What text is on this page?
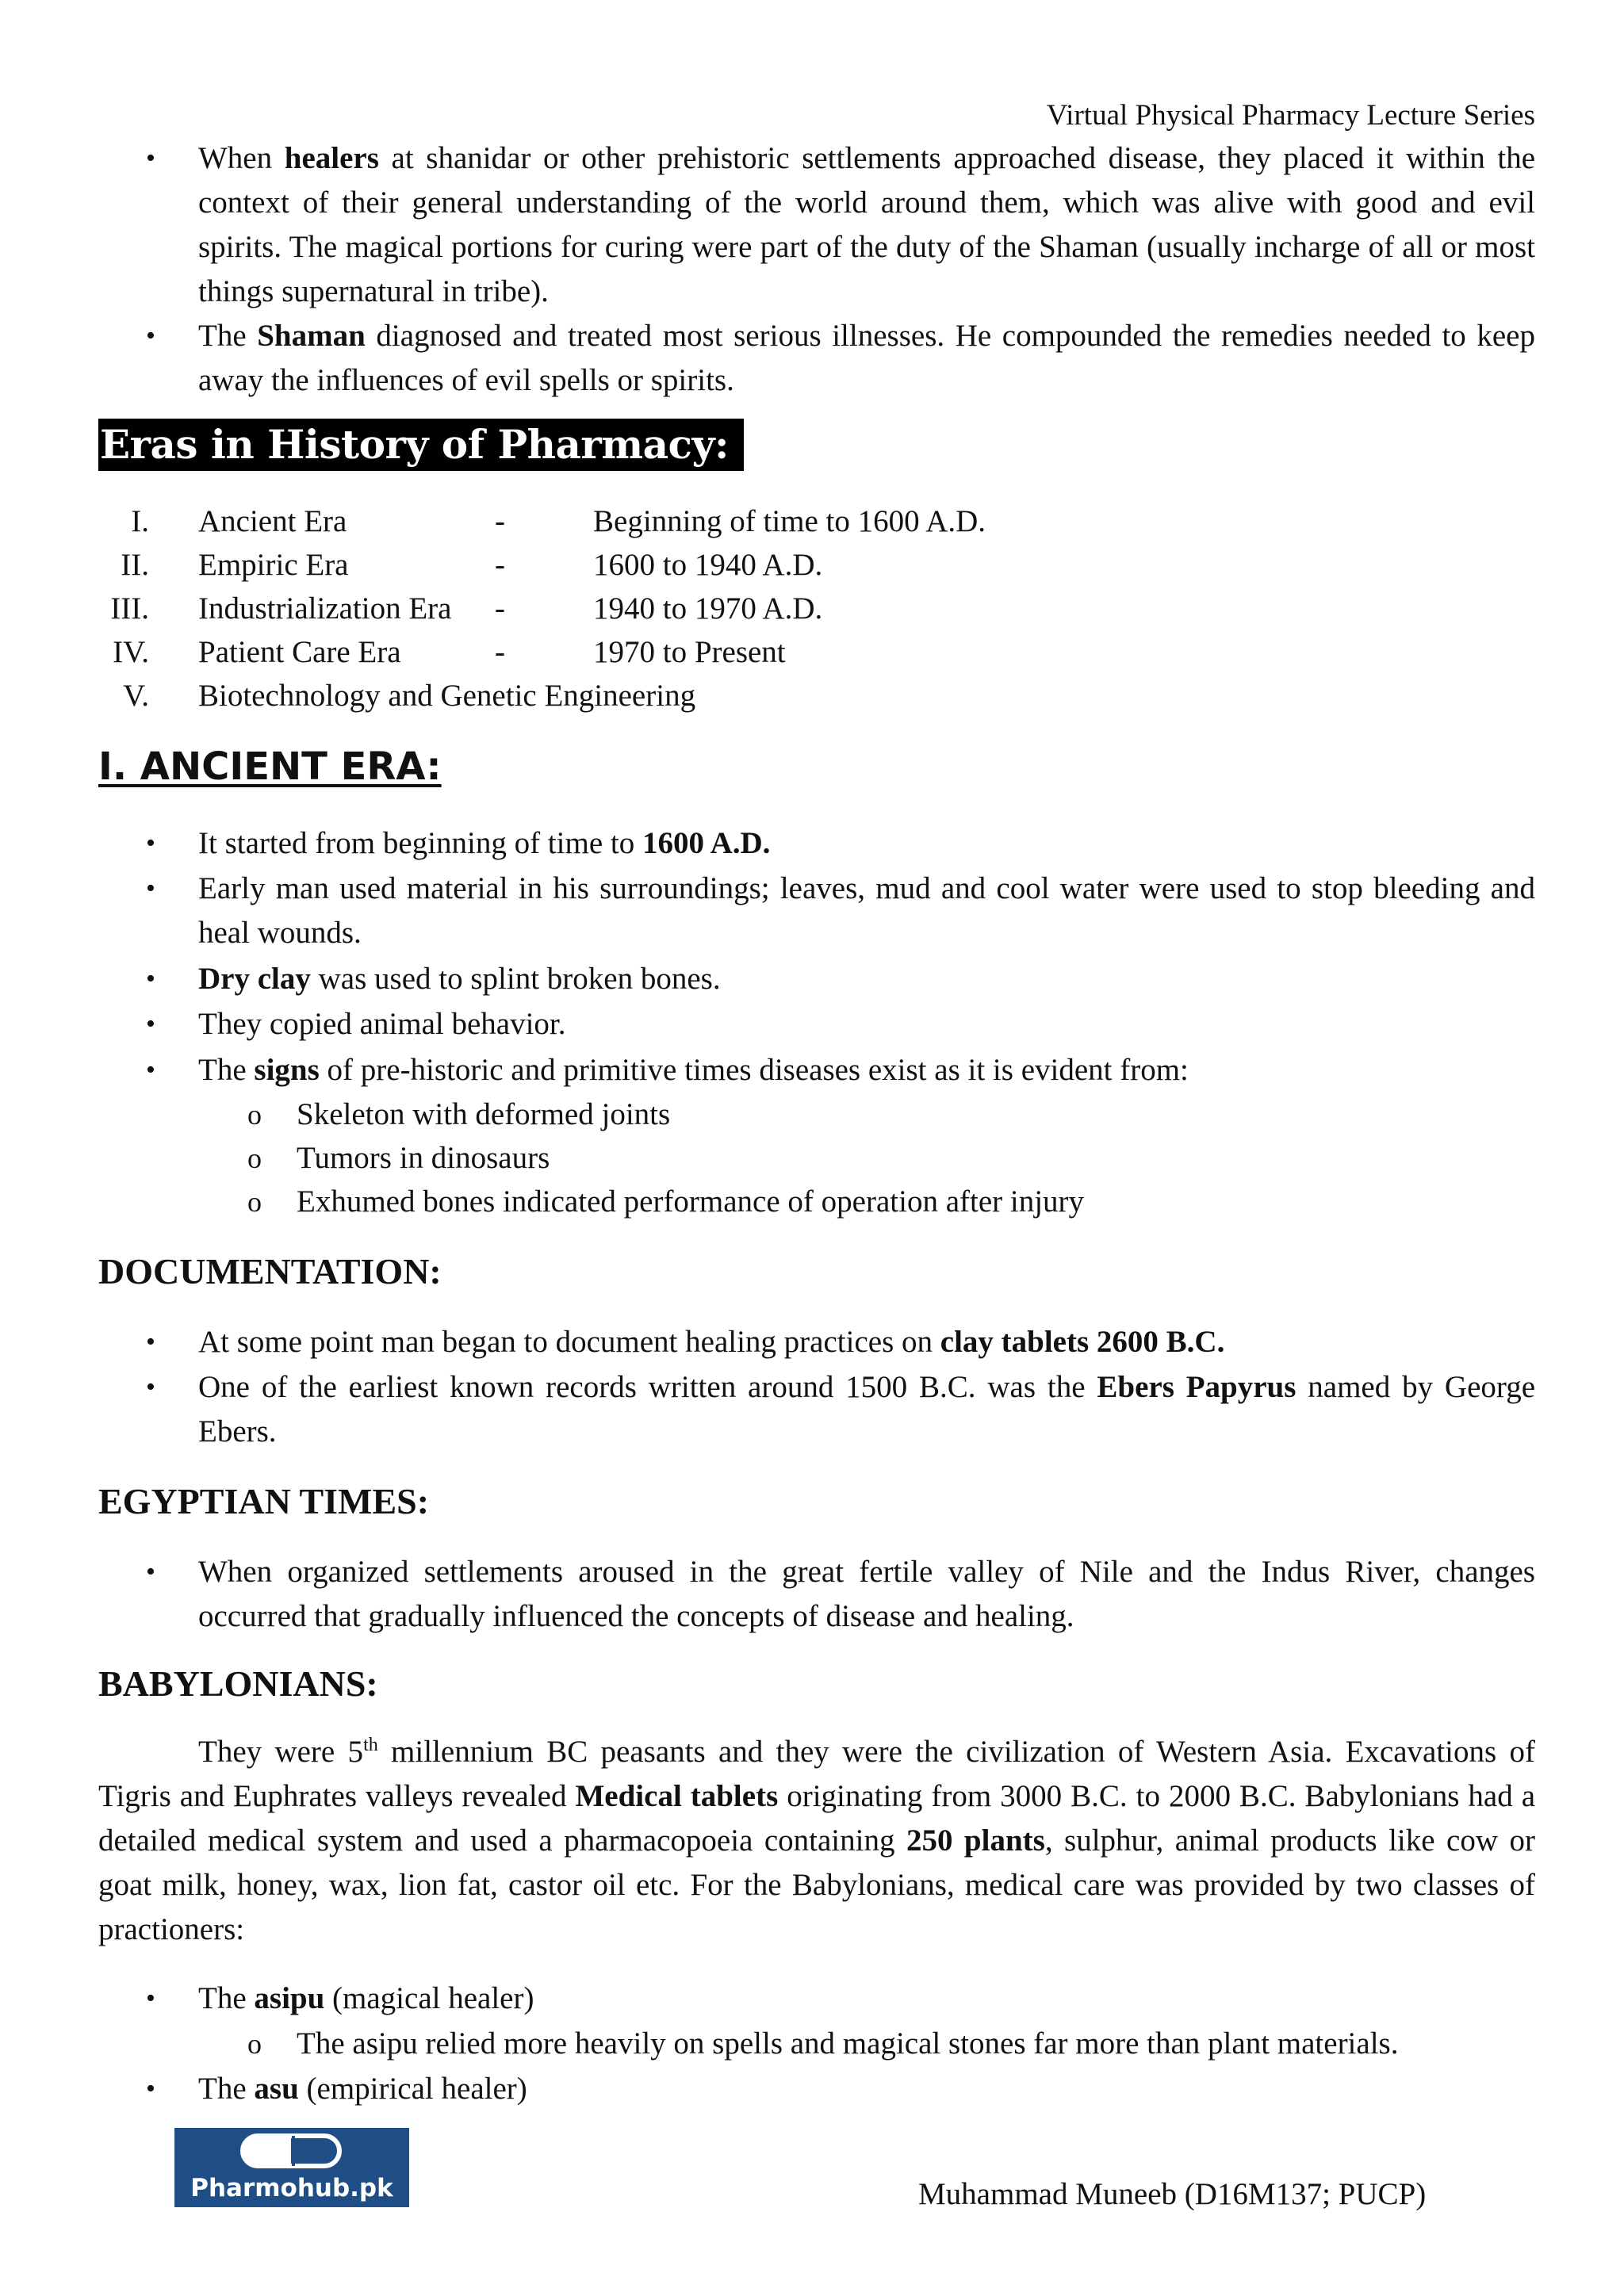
Virtual Physical Pharmacy Lecture Series
• When healers at shanidar or other prehistoric settlements approached disease, they placed it within the context of their general understanding of the world around them, which was alive with good and evil spirits. The magical portions for curing were part of the duty of the Shaman (usually incharge of all or most things supernatural in tribe).
• The Shaman diagnosed and treated most serious illnesses. He compounded the remedies needed to keep away the influences of evil spells or spirits.
Eras in History of Pharmacy:
I. Ancient Era	-	Beginning of time to 1600 A.D.
II. Empiric Era	-	1600 to 1940 A.D.
III. Industrialization Era -	1940 to 1970 A.D.
IV. Patient Care Era	-	1970 to Present
V. Biotechnology and Genetic Engineering
I. ANCIENT ERA:
• It started from beginning of time to 1600 A.D.
• Early man used material in his surroundings; leaves, mud and cool water were used to stop bleeding and heal wounds.
• Dry clay was used to splint broken bones.
• They copied animal behavior.
• The signs of pre-historic and primitive times diseases exist as it is evident from:
o Skeleton with deformed joints
o Tumors in dinosaurs
o Exhumed bones indicated performance of operation after injury
DOCUMENTATION:
• At some point man began to document healing practices on clay tablets 2600 B.C.
• One of the earliest known records written around 1500 B.C. was the Ebers Papyrus named by George Ebers.
EGYPTIAN TIMES:
• When organized settlements aroused in the great fertile valley of Nile and the Indus River, changes occurred that gradually influenced the concepts of disease and healing.
BABYLONIANS:
They were 5th millennium BC peasants and they were the civilization of Western Asia. Excavations of Tigris and Euphrates valleys revealed Medical tablets originating from 3000 B.C. to 2000 B.C. Babylonians had a detailed medical system and used a pharmacopoeia containing 250 plants, sulphur, animal products like cow or goat milk, honey, wax, lion fat, castor oil etc. For the Babylonians, medical care was provided by two classes of practioners:
• The asipu (magical healer)
o The asipu relied more heavily on spells and magical stones far more than plant materials.
• The asu (empirical healer)
Pharmohub.pk	Muhammad Muneeb (D16M137; PUCP)
